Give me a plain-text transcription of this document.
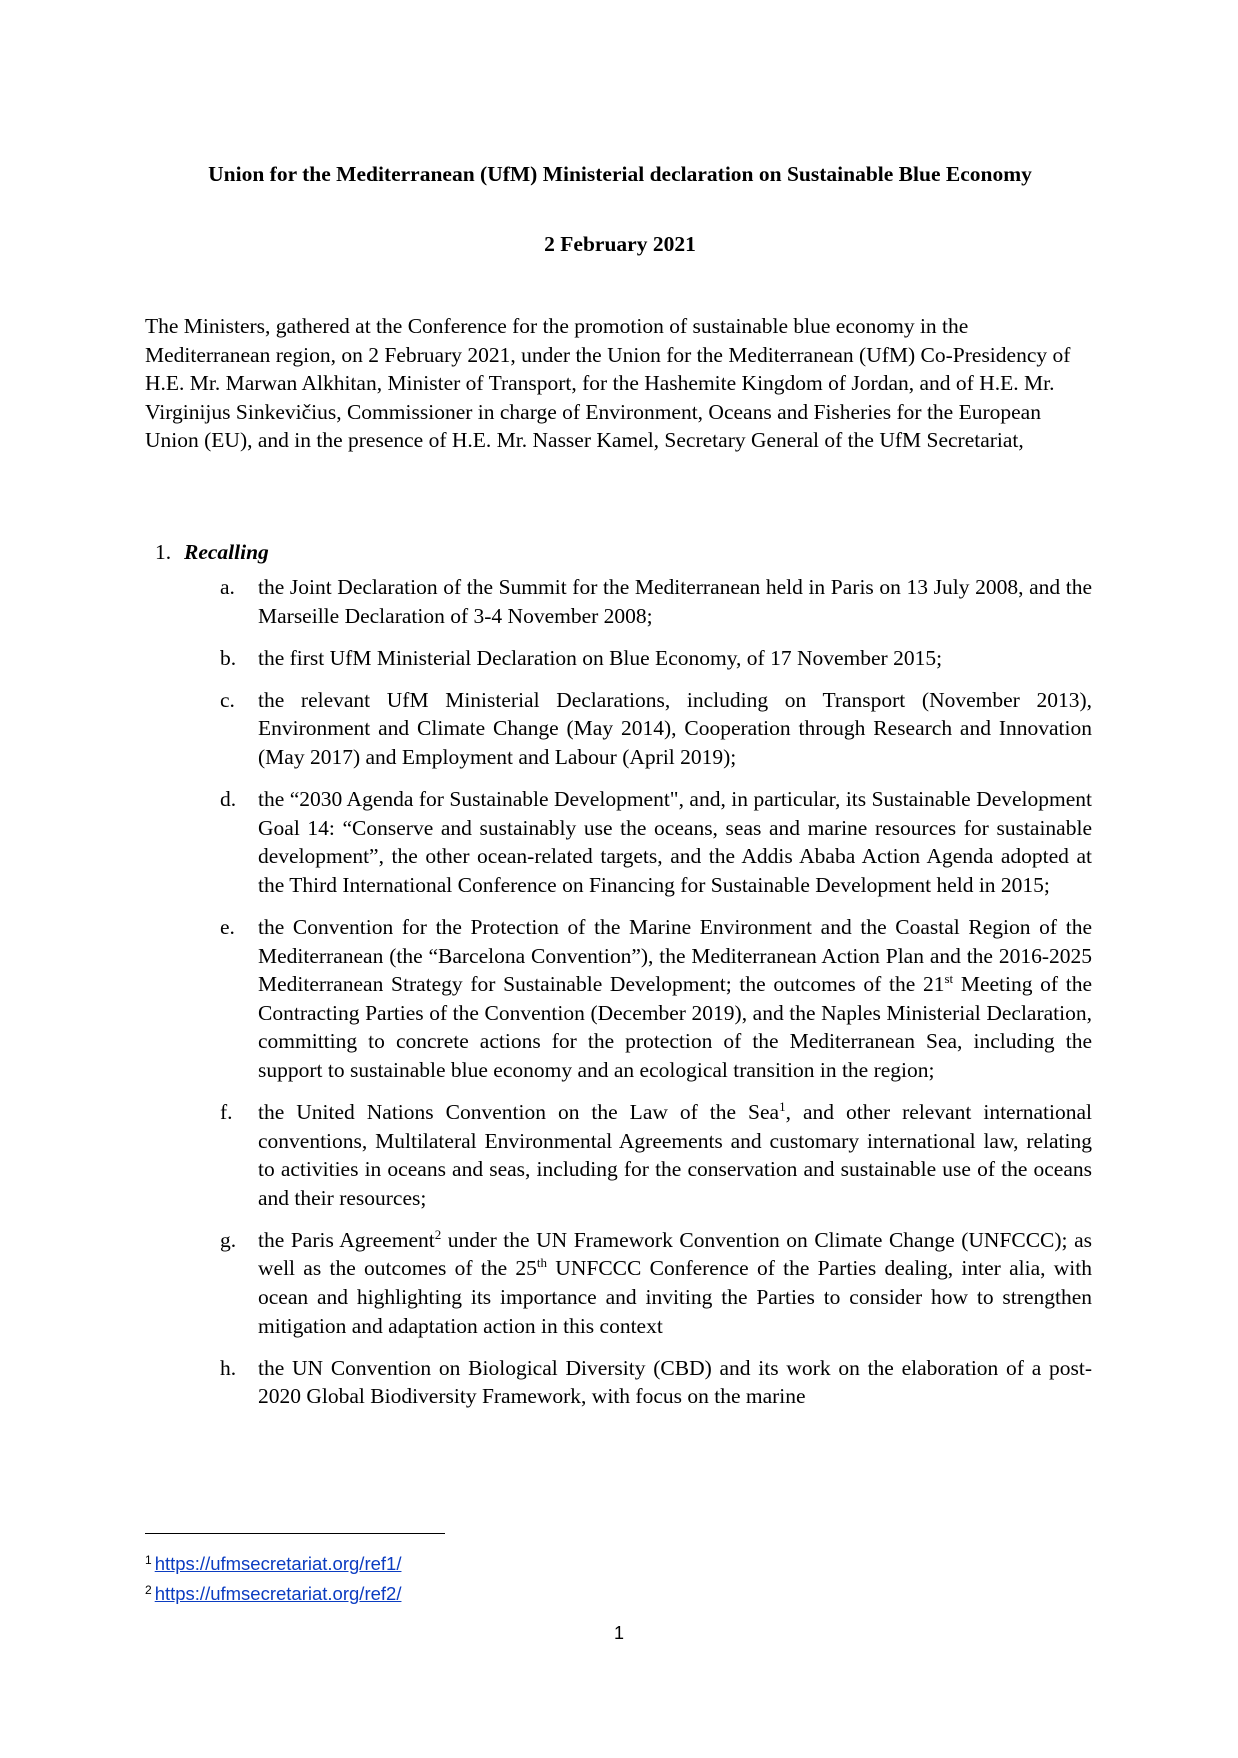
Union for the Mediterranean (UfM) Ministerial declaration on Sustainable Blue Economy
2 February 2021

The Ministers, gathered at the Conference for the promotion of sustainable blue economy in the Mediterranean region, on 2 February 2021, under the Union for the Mediterranean (UfM) Co-Presidency of H.E. Mr. Marwan Alkhitan, Minister of Transport, for the Hashemite Kingdom of Jordan, and of H.E. Mr. Virginijus Sinkevičius, Commissioner in charge of Environment, Oceans and Fisheries for the European Union (EU), and in the presence of H.E. Mr. Nasser Kamel, Secretary General of the UfM Secretariat,

1. Recalling
a. the Joint Declaration of the Summit for the Mediterranean held in Paris on 13 July 2008, and the Marseille Declaration of 3-4 November 2008;
b. the first UfM Ministerial Declaration on Blue Economy, of 17 November 2015;
c. the relevant UfM Ministerial Declarations, including on Transport (November 2013), Environment and Climate Change (May 2014), Cooperation through Research and Innovation (May 2017) and Employment and Labour (April 2019);
d. the “2030 Agenda for Sustainable Development", and, in particular, its Sustainable Development Goal 14: “Conserve and sustainably use the oceans, seas and marine resources for sustainable development”, the other ocean-related targets, and the Addis Ababa Action Agenda adopted at the Third International Conference on Financing for Sustainable Development held in 2015;
e. the Convention for the Protection of the Marine Environment and the Coastal Region of the Mediterranean (the “Barcelona Convention”), the Mediterranean Action Plan and the 2016-2025 Mediterranean Strategy for Sustainable Development; the outcomes of the 21st Meeting of the Contracting Parties of the Convention (December 2019), and the Naples Ministerial Declaration, committing to concrete actions for the protection of the Mediterranean Sea, including the support to sustainable blue economy and an ecological transition in the region;
f. the United Nations Convention on the Law of the Sea$^1$, and other relevant international conventions, Multilateral Environmental Agreements and customary international law, relating to activities in oceans and seas, including for the conservation and sustainable use of the oceans and their resources;
g. the Paris Agreement$^2$ under the UN Framework Convention on Climate Change (UNFCCC); as well as the outcomes of the 25th UNFCCC Conference of the Parties dealing, inter alia, with ocean and highlighting its importance and inviting the Parties to consider how to strengthen mitigation and adaptation action in this context
h. the UN Convention on Biological Diversity (CBD) and its work on the elaboration of a post-2020 Global Biodiversity Framework, with focus on the marine
$^1$ https://ufmsecretariat.org/ref1/
$^2$ https://ufmsecretariat.org/ref2/
1
